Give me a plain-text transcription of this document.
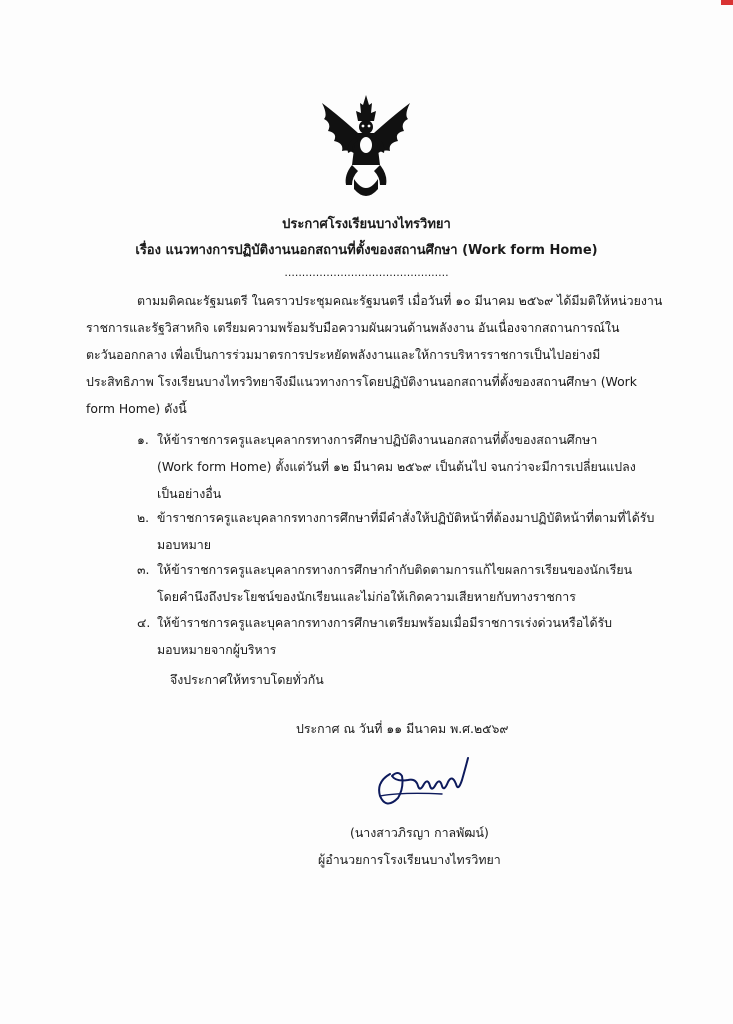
ประกาศโรงเรียนบางไทรวิทยา
เรื่อง แนวทางการปฏิบัติงานนอกสถานที่ตั้งของสถานศึกษา (Work form Home)
...............................................
ตามมติคณะรัฐมนตรี ในคราวประชุมคณะรัฐมนตรี เมื่อวันที่ ๑๐ มีนาคม ๒๕๖๙ ได้มีมติให้หน่วยงาน
ราชการและรัฐวิสาหกิจ เตรียมความพร้อมรับมือความผันผวนด้านพลังงาน อันเนื่องจากสถานการณ์ใน
ตะวันออกกลาง เพื่อเป็นการร่วมมาตรการประหยัดพลังงานและให้การบริหารราชการเป็นไปอย่างมี
ประสิทธิภาพ โรงเรียนบางไทรวิทยาจึงมีแนวทางการโดยปฏิบัติงานนอกสถานที่ตั้งของสถานศึกษา (Work
form Home) ดังนี้
๑. ให้ข้าราชการครูและบุคลากรทางการศึกษาปฏิบัติงานนอกสถานที่ตั้งของสถานศึกษา
(Work form Home) ตั้งแต่วันที่ ๑๒ มีนาคม ๒๕๖๙ เป็นต้นไป จนกว่าจะมีการเปลี่ยนแปลง
เป็นอย่างอื่น
๒. ข้าราชการครูและบุคลากรทางการศึกษาที่มีคำสั่งให้ปฏิบัติหน้าที่ต้องมาปฏิบัติหน้าที่ตามที่ได้รับ
มอบหมาย
๓. ให้ข้าราชการครูและบุคลากรทางการศึกษากำกับติดตามการแก้ไขผลการเรียนของนักเรียน
โดยคำนึงถึงประโยชน์ของนักเรียนและไม่ก่อให้เกิดความเสียหายกับทางราชการ
๔. ให้ข้าราชการครูและบุคลากรทางการศึกษาเตรียมพร้อมเมื่อมีราชการเร่งด่วนหรือได้รับ
มอบหมายจากผู้บริหาร
จึงประกาศให้ทราบโดยทั่วกัน
ประกาศ ณ วันที่ ๑๑ มีนาคม พ.ศ.๒๕๖๙
(นางสาวภิรญา กาลพัฒน์)
ผู้อำนวยการโรงเรียนบางไทรวิทยา
